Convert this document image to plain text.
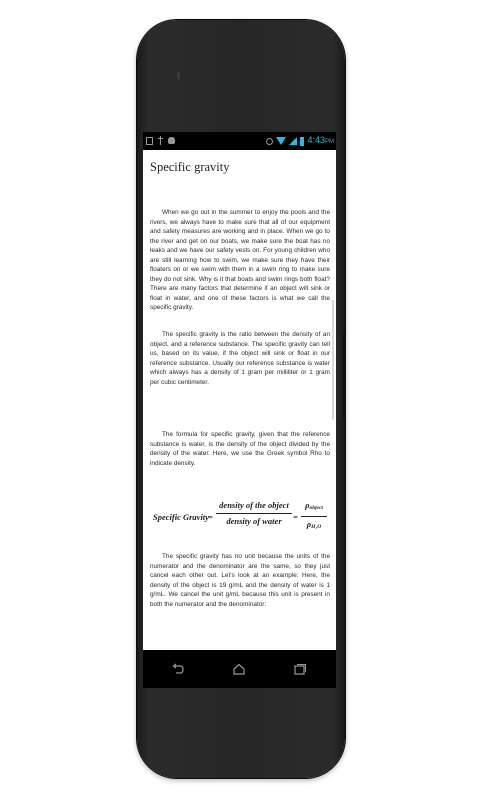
4:43PM
Specific gravity

When we go out in the summer to enjoy the pools and the rivers, we always have to make sure that all of our equipment and safety measures are working and in place. When we go to the river and get on our boats, we make sure the boat has no leaks and we have our safety vests on. For young children who are still learning how to swim, we make sure they have their floaters on or we swim with them in a swim ring to make sure they do not sink. Why is it that boats and swim rings both float? There are many factors that determine if an object will sink or float in water, and one of these factors is what we call the specific gravity.

The specific gravity is the ratio between the density of an object, and a reference substance. The specific gravity can tell us, based on its value, if the object will sink or float in our reference substance. Usually our reference substance is water which always has a density of 1 gram per milliliter or 1 gram per cubic centimeter.

The formula for specific gravity, given that the reference substance is water, is the density of the object divided by the density of the water. Here, we use the Greek symbol Rho to indicate density.

Specific Gravity =
density of the object
density of water	=
ρobject
ρH₂O

The specific gravity has no unit because the units of the numerator and the denominator are the same, so they just cancel each other out. Let's look at an example: Here, the density of the object is 19 g/mL and the density of water is 1 g/mL. We cancel the unit g/mL because this unit is present in both the numerator and the denominator:
